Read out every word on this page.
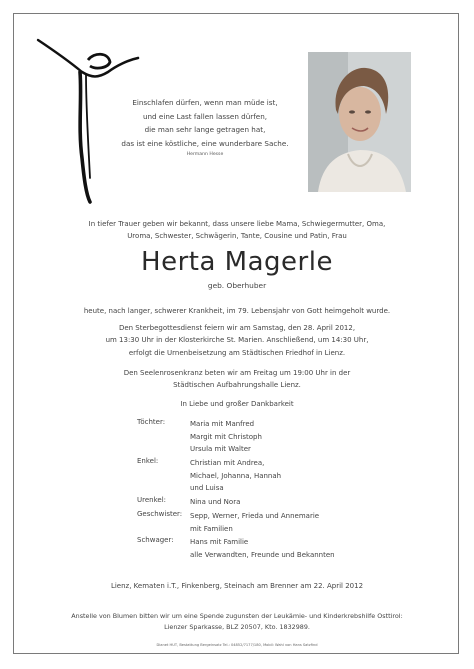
Einschlafen dürfen, wenn man müde ist,
und eine Last fallen lassen dürfen,
die man sehr lange getragen hat,
das ist eine köstliche, eine wunderbare Sache.
Hermann Hesse
In tiefer Trauer geben wir bekannt, dass unsere liebe Mama, Schwiegermutter, Oma,
Uroma, Schwester, Schwägerin, Tante, Cousine und Patin, Frau
Herta Magerle
geb. Oberhuber
heute, nach langer, schwerer Krankheit, im 79. Lebensjahr von Gott heimgeholt wurde.
Den Sterbegottesdienst feiern wir am Samstag, den 28. April 2012,
um 13:30 Uhr in der Klosterkirche St. Marien. Anschließend, um 14:30 Uhr,
erfolgt die Urnenbeisetzung am Städtischen Friedhof in Lienz.
Den Seelenrosenkranz beten wir am Freitag um 19:00 Uhr in der
Städtischen Aufbahrungshalle Lienz.
In Liebe und großer Dankbarkeit
Töchter:	Maria mit Manfred
Margit mit Christoph
Ursula mit Walter
Enkel:	Christian mit Andrea,
Michael, Johanna, Hannah
und Luisa
Urenkel:	Nina und Nora
Geschwister: Sepp, Werner, Frieda und Annemarie
mit Familien
Schwager: Hans mit Familie
alle Verwandten, Freunde und Bekannten
Lienz, Kematen i.T., Finkenberg, Steinach am Brenner am 22. April 2012
Anstelle von Blumen bitten wir um eine Spende zugunsten der Leukämie- und Kinderkrebshilfe Osttirol:
Lienzer Sparkasse, BLZ 20507, Kto. 1832989.
Dianet HUT, Bestattung Bergeinsatz Tel.: 04852/7177/180, Mobil: Wahl von Hans Satzfind
